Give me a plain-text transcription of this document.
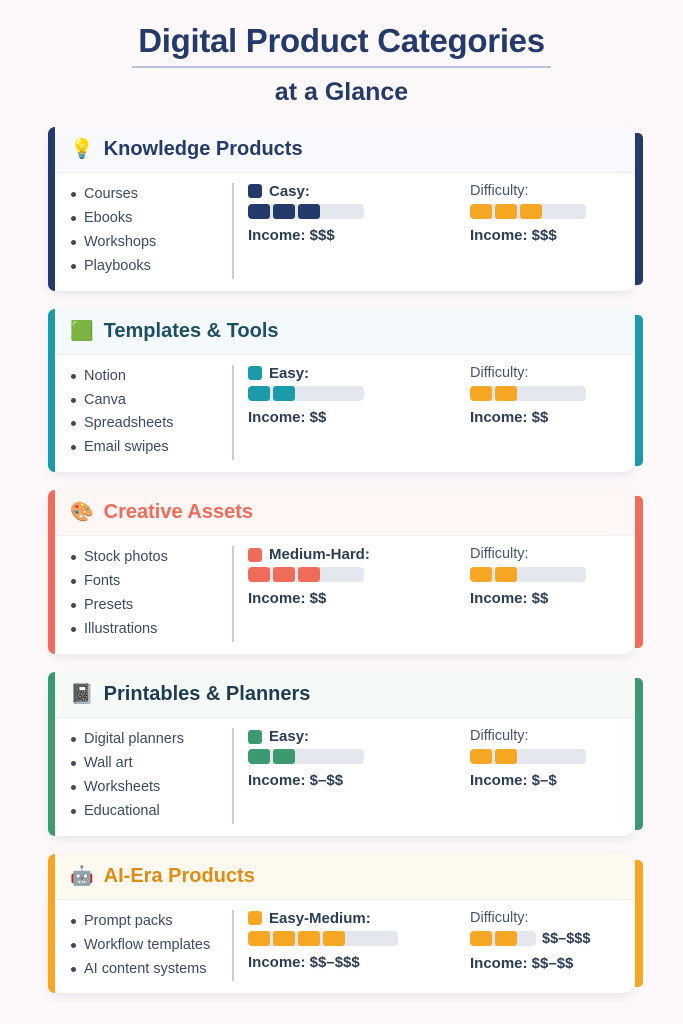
Digital Product Categories
at a Glance
💡 Knowledge Products
Courses
Ebooks
Workshops
Playbooks
Casy:
Income: $$$
Difficulty:
Income: $$$
🟩 Templates & Tools
Notion
Canva
Spreadsheets
Email swipes
Easy:
Income: $$
Difficulty:
Income: $$
🎨 Creative Assets
Stock photos
Fonts
Presets
Illustrations
Medium-Hard:
Income: $$
Difficulty:
Income: $$
📓 Printables & Planners
Digital planners
Wall art
Worksheets
Educational
Easy:
Income: $–$$
Difficulty:
Income: $–$
🤖 AI-Era Products
Prompt packs
Workflow templates
AI content systems
Easy-Medium:
Income: $$–$$$
Difficulty:
$$–$$$
Income: $$–$$
